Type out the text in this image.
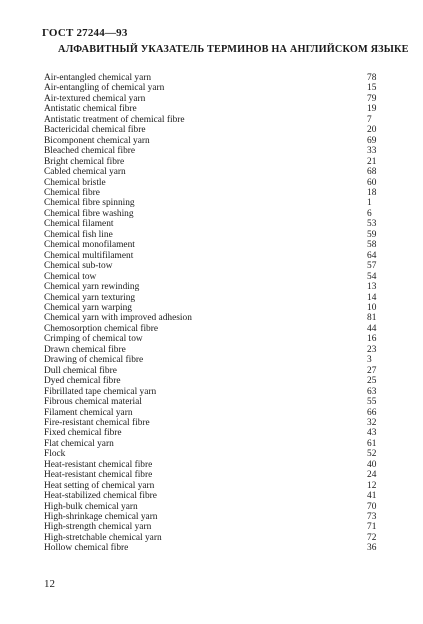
ГОСТ 27244—93
АЛФАВИТНЫЙ УКАЗАТЕЛЬ ТЕРМИНОВ НА АНГЛИЙСКОМ ЯЗЫКЕ
Air-entangled chemical yarn	78
Air-entangling of chemical yarn	15
Air-textured chemical yarn	79
Antistatic chemical fibre	19
Antistatic treatment of chemical fibre	7
Bactericidal chemical fibre	20
Bicomponent chemical yarn	69
Bleached chemical fibre	33
Bright chemical fibre	21
Cabled chemical yarn	68
Chemical bristle	60
Chemical fibre	18
Chemical fibre spinning	1
Chemical fibre washing	6
Chemical filament	53
Chemical fish line	59
Chemical monofilament	58
Chemical multifilament	64
Chemical sub-tow	57
Chemical tow	54
Chemical yarn rewinding	13
Chemical yarn texturing	14
Chemical yarn warping	10
Chemical yarn with improved adhesion	81
Chemosorption chemical fibre	44
Crimping of chemical tow	16
Drawn chemical fibre	23
Drawing of chemical fibre	3
Dull chemical fibre	27
Dyed chemical fibre	25
Fibrillated tape chemical yarn	63
Fibrous chemical material	55
Filament chemical yarn	66
Fire-resistant chemical fibre	32
Fixed chemical fibre	43
Flat chemical yarn	61
Flock	52
Heat-resistant chemical fibre	40
Heat-resistant chemical fibre	24
Heat setting of chemical yarn	12
Heat-stabilized chemical fibre	41
High-bulk chemical yarn	70
High-shrinkage chemical yarn	73
High-strength chemical yarn	71
High-stretchable chemical yarn	72
Hollow chemical fibre	36
12
